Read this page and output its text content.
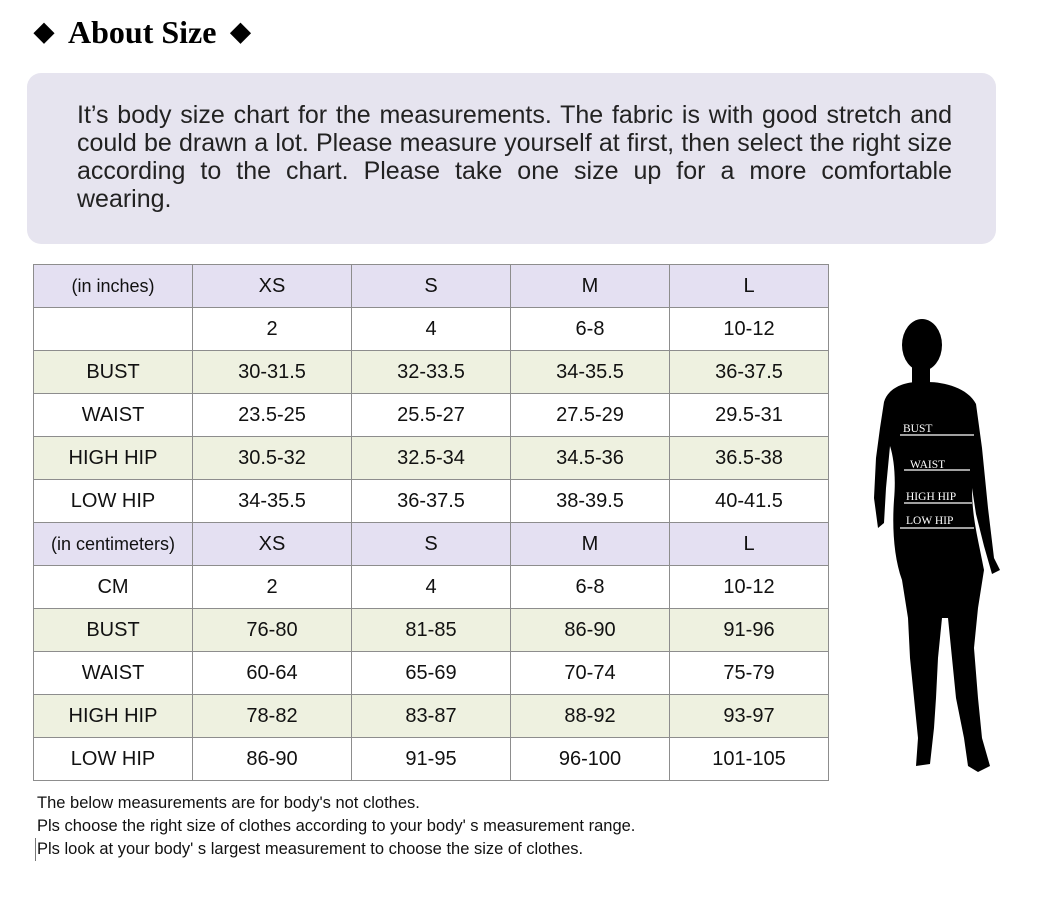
◆ About Size ◆
It’s body size chart for the measurements. The fabric is with good stretch and could be drawn a lot. Please measure yourself at first, then select the right size according to the chart. Please take one size up for a more comfortable wearing.
(in inches)	XS	S	M	L
	2	4	6-8	10-12
BUST	30-31.5	32-33.5	34-35.5	36-37.5
WAIST	23.5-25	25.5-27	27.5-29	29.5-31
HIGH HIP	30.5-32	32.5-34	34.5-36	36.5-38
LOW HIP	34-35.5	36-37.5	38-39.5	40-41.5
(in centimeters)	XS	S	M	L
CM	2	4	6-8	10-12
BUST	76-80	81-85	86-90	91-96
WAIST	60-64	65-69	70-74	75-79
HIGH HIP	78-82	83-87	88-92	93-97
LOW HIP	86-90	91-95	96-100	101-105
The below measurements are for body's not clothes.
Pls choose the right size of clothes according to your body' s measurement range.
Pls look at your body' s largest measurement to choose the size of clothes.
BUST
WAIST
HIGH HIP
LOW HIP
